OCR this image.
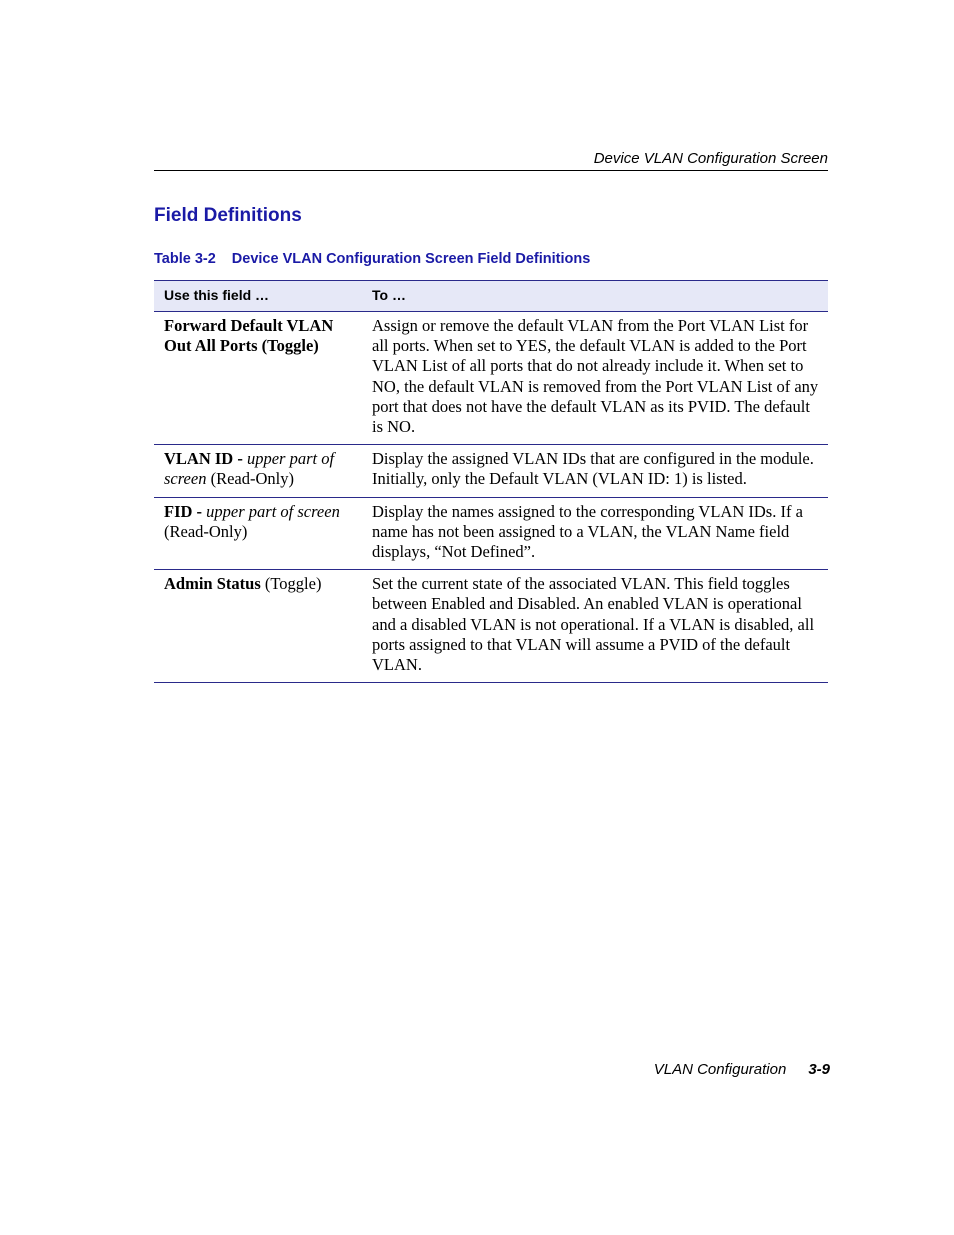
Device VLAN Configuration Screen
Field Definitions
Table 3-2 Device VLAN Configuration Screen Field Definitions
Use this field …	To …
Forward Default VLAN Out All Ports (Toggle)	Assign or remove the default VLAN from the Port VLAN List for all ports. When set to YES, the default VLAN is added to the Port VLAN List of all ports that do not already include it. When set to NO, the default VLAN is removed from the Port VLAN List of any port that does not have the default VLAN as its PVID. The default is NO.
VLAN ID - upper part of screen (Read-Only)	Display the assigned VLAN IDs that are configured in the module. Initially, only the Default VLAN (VLAN ID: 1) is listed.
FID - upper part of screen (Read-Only)	Display the names assigned to the corresponding VLAN IDs. If a name has not been assigned to a VLAN, the VLAN Name field displays, “Not Defined”.
Admin Status (Toggle)	Set the current state of the associated VLAN. This field toggles between Enabled and Disabled. An enabled VLAN is operational and a disabled VLAN is not operational. If a VLAN is disabled, all ports assigned to that VLAN will assume a PVID of the default VLAN.
VLAN Configuration 3-9
